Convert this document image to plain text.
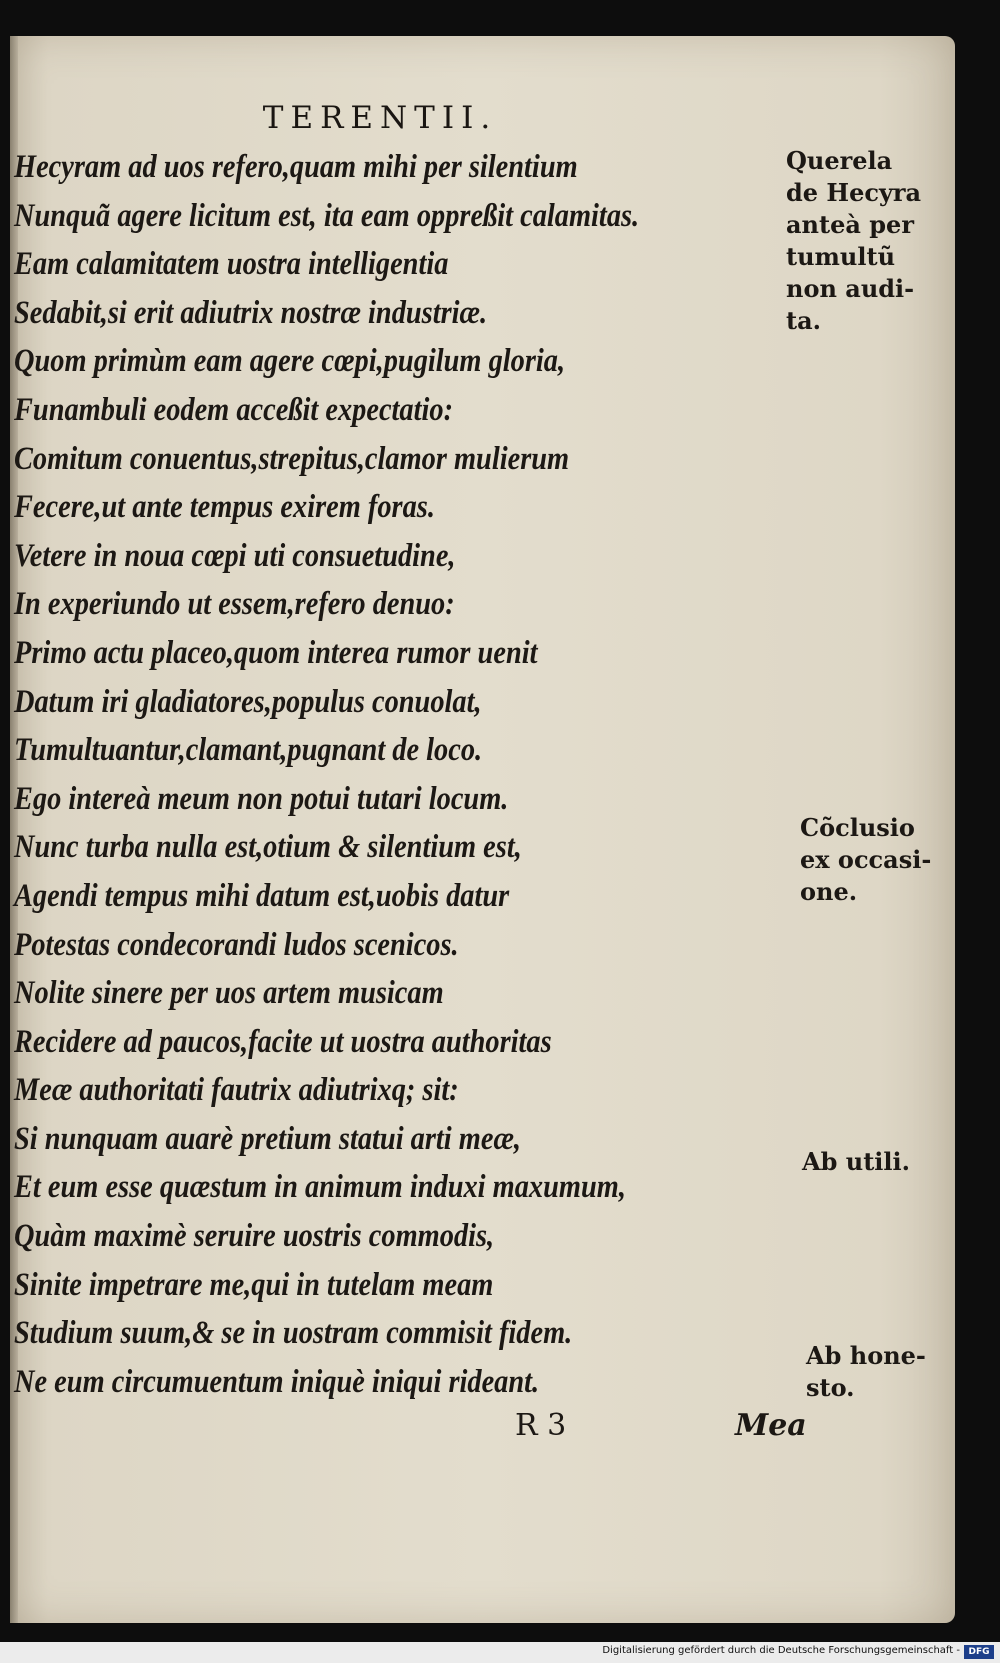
TERENTII.
Hecyram ad uos refero,quam mihi per silentium
Nunquã agere licitum est, ita eam oppreßit calamitas.
Eam calamitatem uostra intelligentia
Sedabit,si erit adiutrix nostræ industriæ.
Quom primùm eam agere cœpi,pugilum gloria,
Funambuli eodem acceßit expectatio:
Comitum conuentus,strepitus,clamor mulierum
Fecere,ut ante tempus exirem foras.
Vetere in noua cœpi uti consuetudine,
In experiundo ut essem,refero denuo:
Primo actu placeo,quom interea rumor uenit
Datum iri gladiatores,populus conuolat,
Tumultuantur,clamant,pugnant de loco.
Ego intereà meum non potui tutari locum.
Nunc turba nulla est,otium & silentium est,
Agendi tempus mihi datum est,uobis datur
Potestas condecorandi ludos scenicos.
Nolite sinere per uos artem musicam
Recidere ad paucos,facite ut uostra authoritas
Meæ authoritati fautrix adiutrixq; sit:
Si nunquam auarè pretium statui arti meæ,
Et eum esse quæstum in animum induxi maxumum,
Quàm maximè seruire uostris commodis,
Sinite impetrare me,qui in tutelam meam
Studium suum,& se in uostram commisit fidem.
Ne eum circumuentum iniquè iniqui rideant.
Querela
de Hecyra
anteà per
tumultũ
non audi-
ta.
Cõclusio
ex occasi-
one.
Ab utili.
Ab hone-
sto.
R 3	Mea
Digitalisierung gefördert durch die Deutsche Forschungsgemeinschaft - DFG
